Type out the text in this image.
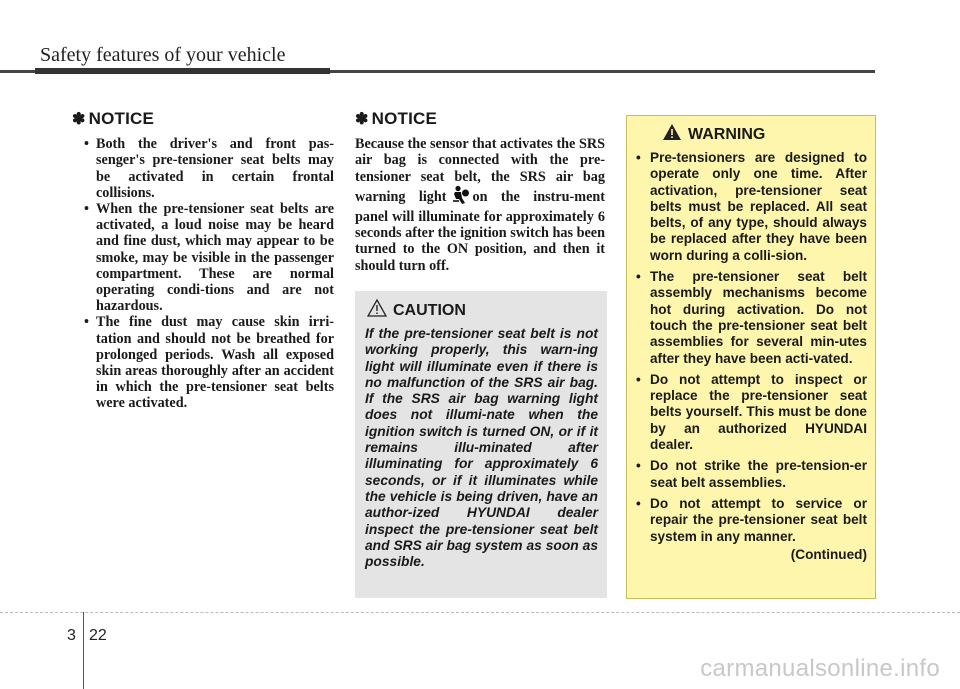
Safety features of your vehicle
✽ NOTICE
• Both the driver's and front pas-senger's pre-tensioner seat belts may be activated in certain frontal collisions.
• When the pre-tensioner seat belts are activated, a loud noise may be heard and fine dust, which may appear to be smoke, may be visible in the passenger compartment. These are normal operating condi-tions and are not hazardous.
• The fine dust may cause skin irri-tation and should not be breathed for prolonged periods. Wash all exposed skin areas thoroughly after an accident in which the pre-tensioner seat belts were activated.
✽ NOTICE

Because the sensor that activates the SRS air bag is connected with the pre-tensioner seat belt, the SRS air bag warning light on the instru-ment panel will illuminate for approximately 6 seconds after the ignition switch has been turned to the ON position, and then it should turn off.

CAUTION
If the pre-tensioner seat belt is not working properly, this warn-ing light will illuminate even if there is no malfunction of the SRS air bag. If the SRS air bag warning light does not illumi-nate when the ignition switch is turned ON, or if it remains illu-minated after illuminating for approximately 6 seconds, or if it illuminates while the vehicle is being driven, have an author-ized HYUNDAI dealer inspect the pre-tensioner seat belt and SRS air bag system as soon as possible.
WARNING
• Pre-tensioners are designed to operate only one time. After activation, pre-tensioner seat belts must be replaced. All seat belts, of any type, should always be replaced after they have been worn during a colli-sion.
• The pre-tensioner seat belt assembly mechanisms become hot during activation. Do not touch the pre-tensioner seat belt assemblies for several min-utes after they have been acti-vated.
• Do not attempt to inspect or replace the pre-tensioner seat belts yourself. This must be done by an authorized HYUNDAI dealer.
• Do not strike the pre-tension-er seat belt assemblies.
• Do not attempt to service or repair the pre-tensioner seat belt system in any manner.
(Continued)
3 22
carmanualsonline.info
